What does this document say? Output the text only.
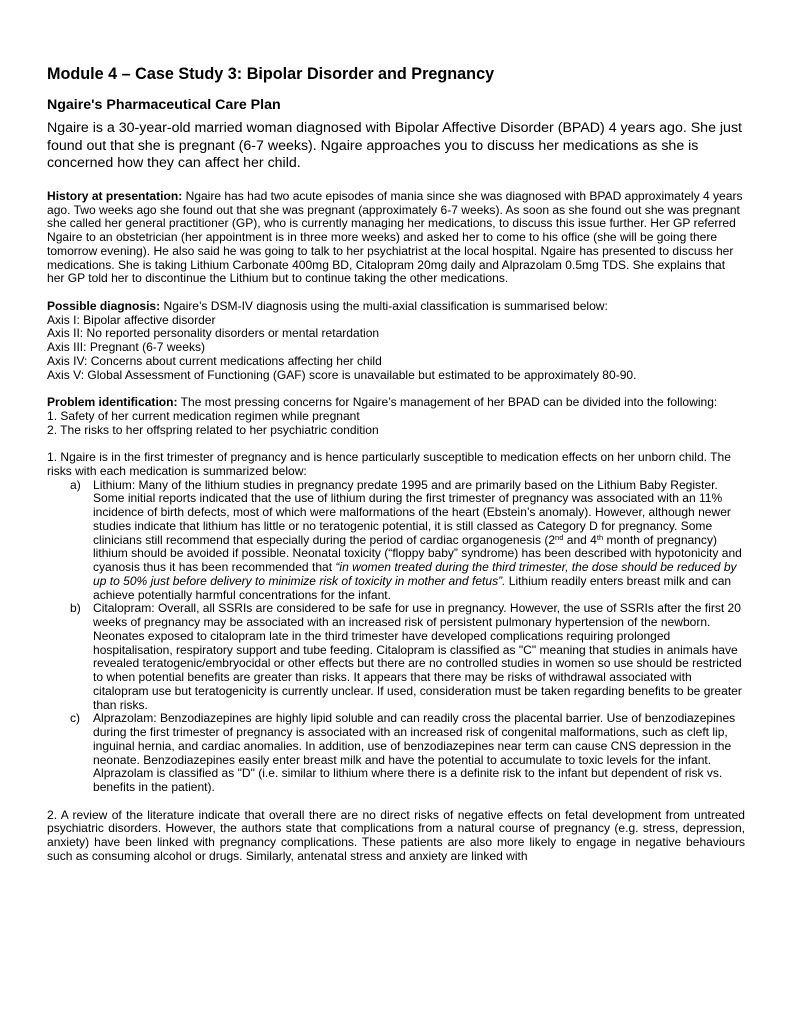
Module 4 – Case Study 3: Bipolar Disorder and Pregnancy
Ngaire's Pharmaceutical Care Plan
Ngaire is a 30-year-old married woman diagnosed with Bipolar Affective Disorder (BPAD) 4 years ago. She just found out that she is pregnant (6-7 weeks). Ngaire approaches you to discuss her medications as she is concerned how they can affect her child.

History at presentation: Ngaire has had two acute episodes of mania since she was diagnosed with BPAD approximately 4 years ago. Two weeks ago she found out that she was pregnant (approximately 6-7 weeks). As soon as she found out she was pregnant she called her general practitioner (GP), who is currently managing her medications, to discuss this issue further. Her GP referred Ngaire to an obstetrician (her appointment is in three more weeks) and asked her to come to his office (she will be going there tomorrow evening). He also said he was going to talk to her psychiatrist at the local hospital. Ngaire has presented to discuss her medications. She is taking Lithium Carbonate 400mg BD, Citalopram 20mg daily and Alprazolam 0.5mg TDS. She explains that her GP told her to discontinue the Lithium but to continue taking the other medications.

Possible diagnosis: Ngaire’s DSM-IV diagnosis using the multi-axial classification is summarised below:
Axis I: Bipolar affective disorder
Axis II: No reported personality disorders or mental retardation
Axis III: Pregnant (6-7 weeks)
Axis IV: Concerns about current medications affecting her child
Axis V: Global Assessment of Functioning (GAF) score is unavailable but estimated to be approximately 80-90.
Problem identification: The most pressing concerns for Ngaire’s management of her BPAD can be divided into the following:
1. Safety of her current medication regimen while pregnant
2. The risks to her offspring related to her psychiatric condition

1. Ngaire is in the first trimester of pregnancy and is hence particularly susceptible to medication effects on her unborn child. The risks with each medication is summarized below:

a) Lithium: Many of the lithium studies in pregnancy predate 1995 and are primarily based on the Lithium Baby Register. Some initial reports indicated that the use of lithium during the first trimester of pregnancy was associated with an 11% incidence of birth defects, most of which were malformations of the heart (Ebstein’s anomaly). However, although newer studies indicate that lithium has little or no teratogenic potential, it is still classed as Category D for pregnancy. Some clinicians still recommend that especially during the period of cardiac organogenesis (2nd and 4th month of pregnancy) lithium should be avoided if possible. Neonatal toxicity (“floppy baby” syndrome) has been described with hypotonicity and cyanosis thus it has been recommended that “in women treated during the third trimester, the dose should be reduced by up to 50% just before delivery to minimize risk of toxicity in mother and fetus”. Lithium readily enters breast milk and can achieve potentially harmful concentrations for the infant.
b) Citalopram: Overall, all SSRIs are considered to be safe for use in pregnancy. However, the use of SSRIs after the first 20 weeks of pregnancy may be associated with an increased risk of persistent pulmonary hypertension of the newborn. Neonates exposed to citalopram late in the third trimester have developed complications requiring prolonged hospitalisation, respiratory support and tube feeding. Citalopram is classified as "C" meaning that studies in animals have revealed teratogenic/embryocidal or other effects but there are no controlled studies in women so use should be restricted to when potential benefits are greater than risks. It appears that there may be risks of withdrawal associated with citalopram use but teratogenicity is currently unclear. If used, consideration must be taken regarding benefits to be greater than risks.
c) Alprazolam: Benzodiazepines are highly lipid soluble and can readily cross the placental barrier. Use of benzodiazepines during the first trimester of pregnancy is associated with an increased risk of congenital malformations, such as cleft lip, inguinal hernia, and cardiac anomalies. In addition, use of benzodiazepines near term can cause CNS depression in the neonate. Benzodiazepines easily enter breast milk and have the potential to accumulate to toxic levels for the infant. Alprazolam is classified as "D" (i.e. similar to lithium where there is a definite risk to the infant but dependent of risk vs. benefits in the patient).

2. A review of the literature indicate that overall there are no direct risks of negative effects on fetal development from untreated psychiatric disorders. However, the authors state that complications from a natural course of pregnancy (e.g. stress, depression, anxiety) have been linked with pregnancy complications. These patients are also more likely to engage in negative behaviours such as consuming alcohol or drugs. Similarly, antenatal stress and anxiety are linked with
